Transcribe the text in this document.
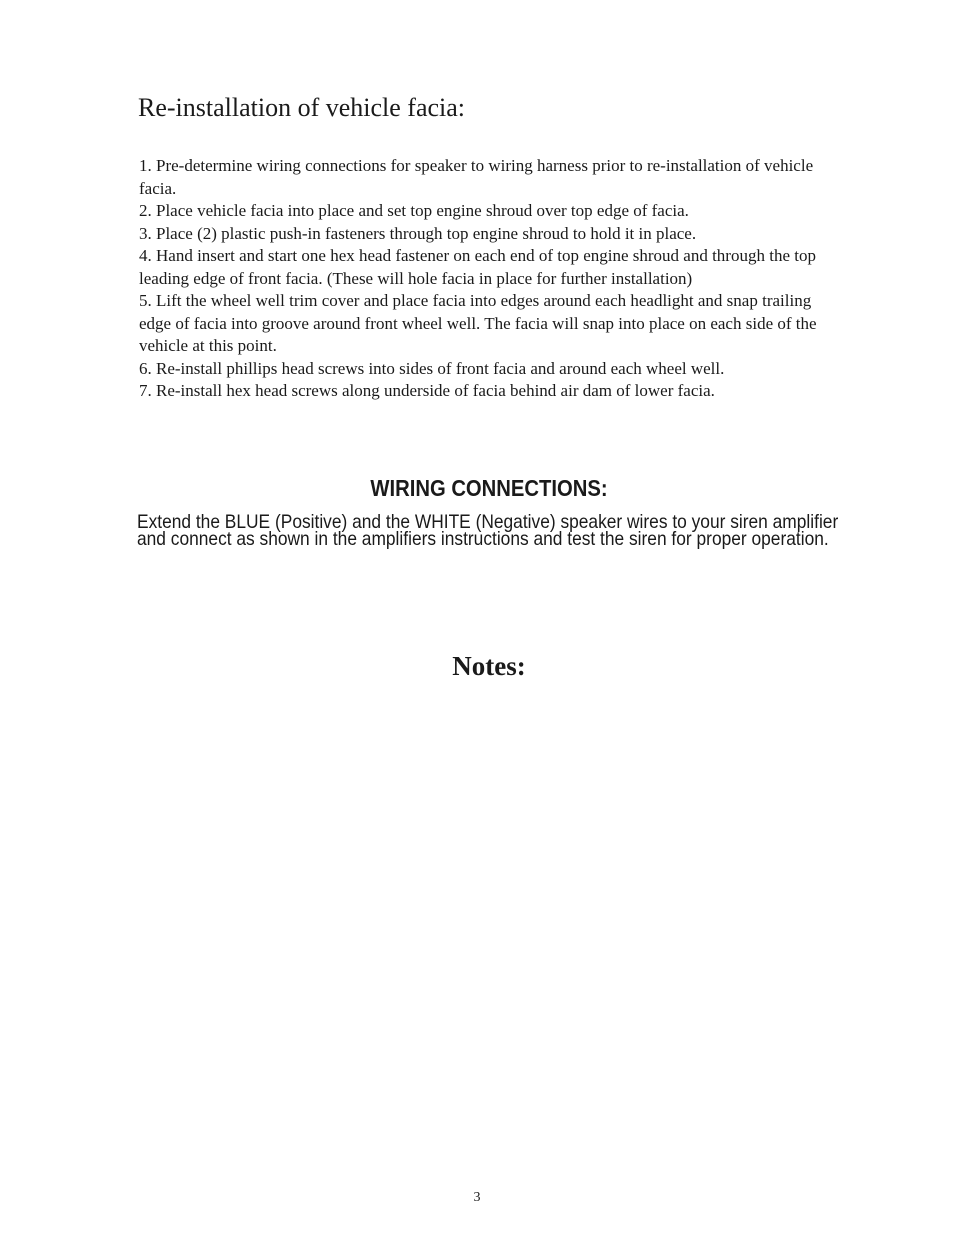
Re-installation of vehicle facia:
1. Pre-determine wiring connections for speaker to wiring harness prior to re-installation of vehicle facia.
2. Place vehicle facia into place and set top engine shroud over top edge of facia.
3. Place (2) plastic push-in fasteners through top engine shroud to hold it in place.
4. Hand insert and start one hex head fastener on each end of top engine shroud and through the top leading edge of front facia. (These will hole facia in place for further installation)
5. Lift the wheel well trim cover and place facia into edges around each headlight and snap trailing edge of facia into groove around front wheel well. The facia will snap into place on each side of the vehicle at this point.
6. Re-install phillips head screws into sides of front facia and around each wheel well.
7. Re-install hex head screws along underside of facia behind air dam of lower facia.
WIRING CONNECTIONS:

Extend the BLUE (Positive) and the WHITE (Negative) speaker wires to your siren amplifier and connect as shown in the amplifiers instructions and test the siren for proper operation.

Notes:
3
